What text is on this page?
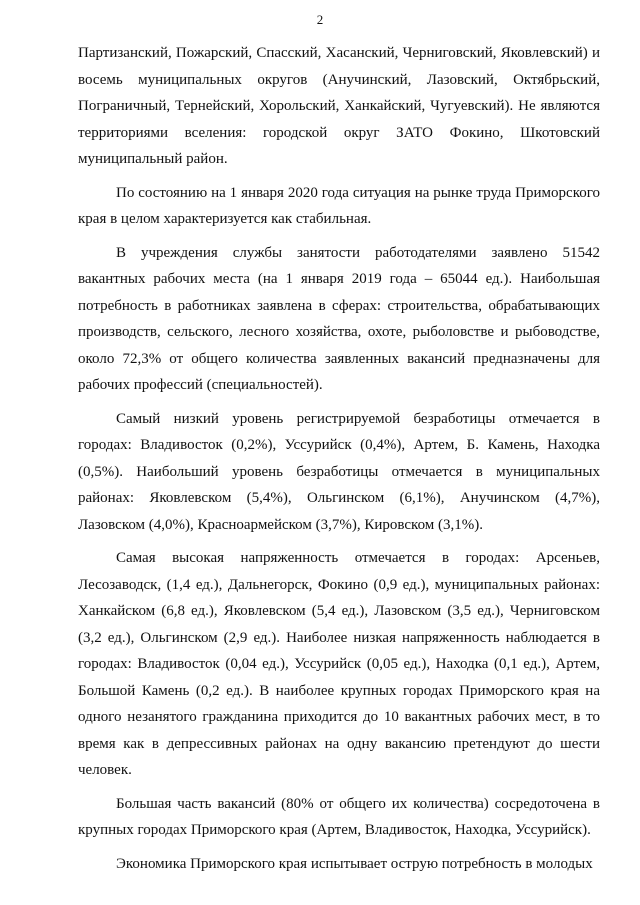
2

Партизанский, Пожарский, Спасский, Хасанский, Черниговский, Яковлевский) и восемь муниципальных округов (Анучинский, Лазовский, Октябрьский, Пограничный, Тернейский, Хорольский, Ханкайский, Чугуевский). Не являются территориями вселения: городской округ ЗАТО Фокино, Шкотовский муниципальный район.

По состоянию на 1 января 2020 года ситуация на рынке труда Приморского края в целом характеризуется как стабильная.

В учреждения службы занятости работодателями заявлено 51542 вакантных рабочих места (на 1 января 2019 года – 65044 ед.). Наибольшая потребность в работниках заявлена в сферах: строительства, обрабатывающих производств, сельского, лесного хозяйства, охоте, рыболовстве и рыбоводстве, около 72,3% от общего количества заявленных вакансий предназначены для рабочих профессий (специальностей).

Самый низкий уровень регистрируемой безработицы отмечается в городах: Владивосток (0,2%), Уссурийск (0,4%), Артем, Б. Камень, Находка (0,5%). Наибольший уровень безработицы отмечается в муниципальных районах: Яковлевском (5,4%), Ольгинском (6,1%), Анучинском (4,7%), Лазовском (4,0%), Красноармейском (3,7%), Кировском (3,1%).

Самая высокая напряженность отмечается в городах: Арсеньев, Лесозаводск, (1,4 ед.), Дальнегорск, Фокино (0,9 ед.), муниципальных районах: Ханкайском (6,8 ед.), Яковлевском (5,4 ед.), Лазовском (3,5 ед.), Черниговском (3,2 ед.), Ольгинском (2,9 ед.). Наиболее низкая напряженность наблюдается в городах: Владивосток (0,04 ед.), Уссурийск (0,05 ед.), Находка (0,1 ед.), Артем, Большой Камень (0,2 ед.). В наиболее крупных городах Приморского края на одного незанятого гражданина приходится до 10 вакантных рабочих мест, в то время как в депрессивных районах на одну вакансию претендуют до шести человек.

Большая часть вакансий (80% от общего их количества) сосредоточена в крупных городах Приморского края (Артем, Владивосток, Находка, Уссурийск).

Экономика Приморского края испытывает острую потребность в молодых
